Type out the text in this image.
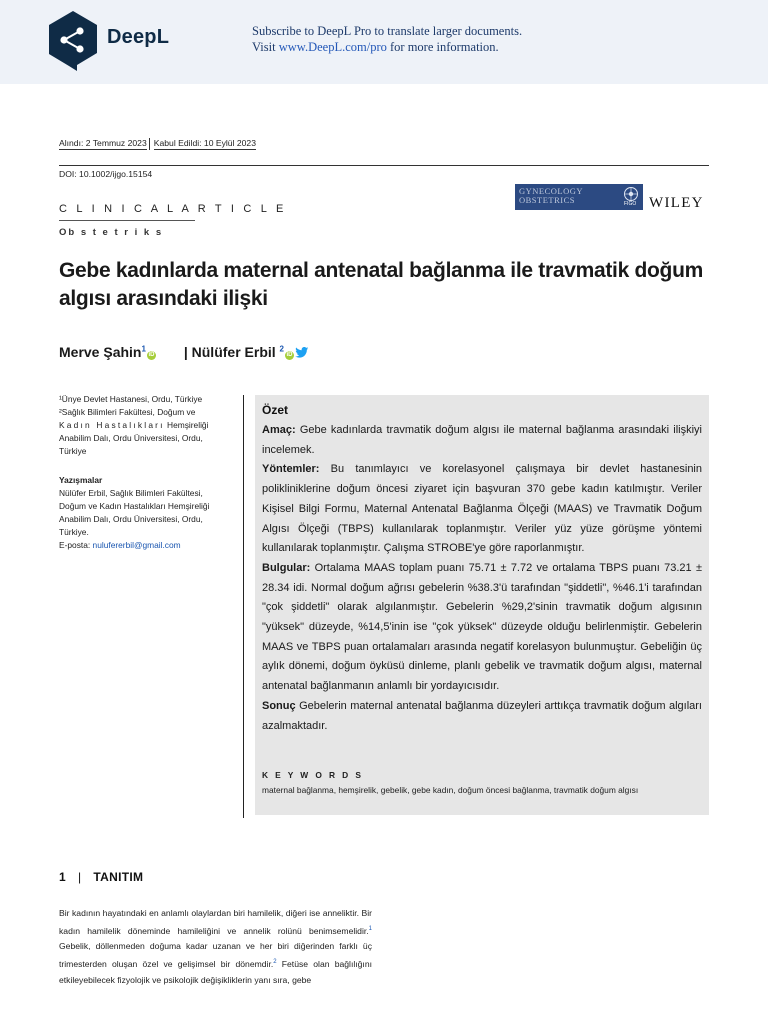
DeepL	Subscribe to DeepL Pro to translate larger documents.
Visit www.DeepL.com/pro for more information.
Alındı: 2 Temmuz 2023 Kabul Edildi: 10 Eylül 2023
DOI: 10.1002/ijgo.15154
C L I N I C A L A R T I C L E
Ob s t e t r i k s
GYNECOLOGY OBSTETRICS	FIGO WILEY
Gebe kadınlarda maternal antenatal bağlanma ile travmatik doğum algısı arasındaki ilişki
Merve Şahin$^1$iD | Nülüfer Erbil $^2$iD

¹Ünye Devlet Hastanesi, Ordu, Türkiye

²Sağlık Bilimleri Fakültesi, Doğum ve

Kadın Hastalıkları Hemşireliği

Anabilim Dalı, Ordu Üniversitesi, Ordu,

Türkiye

Yazışmalar

Nülüfer Erbil, Sağlık Bilimleri Fakültesi,

Doğum ve Kadın Hastalıkları Hemşireliği

Anabilim Dalı, Ordu Üniversitesi, Ordu,

Türkiye.

E-posta: nulufererbil@gmail.com

Özet

Amaç: Gebe kadınlarda travmatik doğum algısı ile maternal bağlanma arasındaki ilişkiyi incelemek.

Yöntemler: Bu tanımlayıcı ve korelasyonel çalışmaya bir devlet hastanesinin polikliniklerine doğum öncesi ziyaret için başvuran 370 gebe kadın katılmıştır. Veriler Kişisel Bilgi Formu, Maternal Antenatal Bağlanma Ölçeği (MAAS) ve Travmatik Doğum Algısı Ölçeği (TBPS) kullanılarak toplanmıştır. Veriler yüz yüze görüşme yöntemi kullanılarak toplanmıştır. Çalışma STROBE'ye göre raporlanmıştır.

Bulgular: Ortalama MAAS toplam puanı 75.71 ± 7.72 ve ortalama TBPS puanı 73.21 ± 28.34 idi. Normal doğum ağrısı gebelerin %38.3'ü tarafından "şiddetli", %46.1'i tarafından "çok şiddetli" olarak algılanmıştır. Gebelerin %29,2'sinin travmatik doğum algısının "yüksek" düzeyde, %14,5'inin ise "çok yüksek" düzeyde olduğu belirlenmiştir. Gebelerin MAAS ve TBPS puan ortalamaları arasında negatif korelasyon bulunmuştur. Gebeliğin üç aylık dönemi, doğum öyküsü dinleme, planlı gebelik ve travmatik doğum algısı, maternal antenatal bağlanmanın anlamlı bir yordayıcısıdır.

Sonuç Gebelerin maternal antenatal bağlanma düzeyleri arttıkça travmatik doğum algıları azalmaktadır.

K E Y W O R D S
maternal bağlanma, hemşirelik, gebelik, gebe kadın, doğum öncesi bağlanma, travmatik doğum algısı
1 | TANITIM

Bir kadının hayatındaki en anlamlı olaylardan biri hamilelik, diğeri ise annelik​tir. Bir kadın hamilelik döneminde hamileliğini ve annelik rolünü benimsemelidir.$^1$ Gebelik, döllenmeden doğuma kadar uzanan ve her biri diğerinden farklı üç trimesterden oluşan özel ve gelişimsel bir dönemdir.$^2$ Fetüse olan bağlılığını etkileyebilecek fizyolojik ve psikolojik değişikliklerin yanı sıra, gebe
